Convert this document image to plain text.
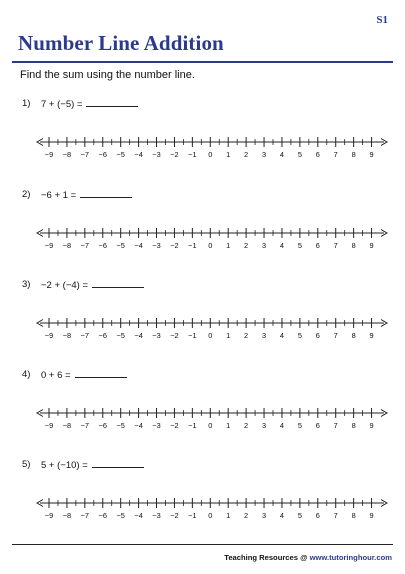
S1
Number Line Addition
Find the sum using the number line.
1) 7 + (−5) =
−9 −8 −7 −6 −5 −4 −3 −2 −1 0 1 2 3 4 5 6 7 8 9
2) −6 + 1 =
−9 −8 −7 −6 −5 −4 −3 −2 −1 0 1 2 3 4 5 6 7 8 9
3) −2 + (−4) =
−9 −8 −7 −6 −5 −4 −3 −2 −1 0 1 2 3 4 5 6 7 8 9
4) 0 + 6 =
−9 −8 −7 −6 −5 −4 −3 −2 −1 0 1 2 3 4 5 6 7 8 9
5) 5 + (−10) =
−9 −8 −7 −6 −5 −4 −3 −2 −1 0 1 2 3 4 5 6 7 8 9
Teaching Resources @ www.tutoringhour.com
